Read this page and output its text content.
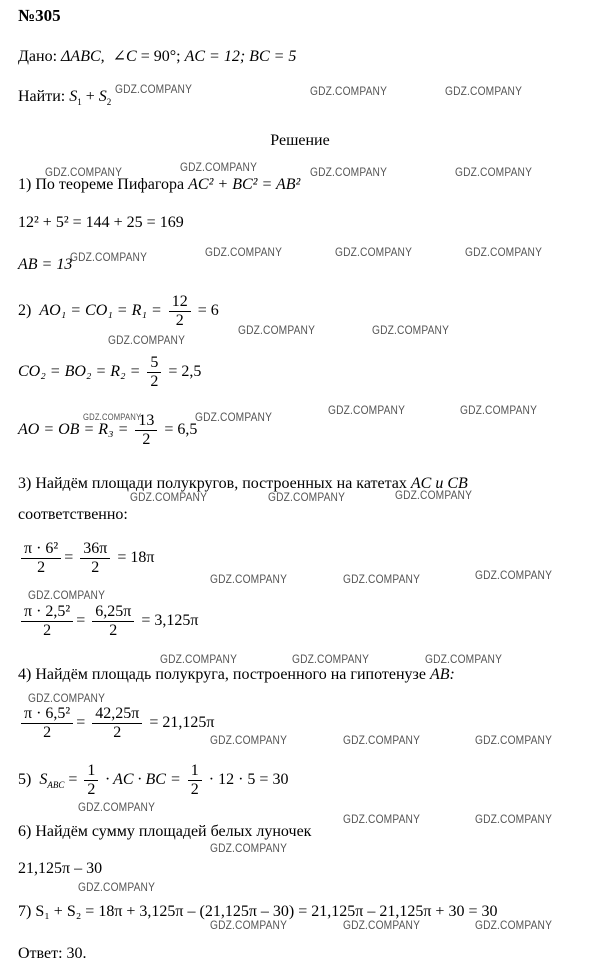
№305
Дано: ΔABC,  ∠C = 90°; AC = 12; BC = 5
Найти: $S_1 + S_2$
Решение
1) По теореме Пифагора AC² + BC² = AB²
12² + 5² = 144 + 25 = 169
AB = 13
2) $AO_1 = CO_1 = R_1 = \frac{12}{2} = 6$
$CO_2 = BO_2 = R_2 = \frac{5}{2} = 2,5$
AO = OB = $R_3 = \frac{13}{2} = 6,5$
3) Найдём площади полукругов, построенных на катетах AC и CB
соответственно:
$\frac{\text{π · 6²}}{2} = \frac{36\pi}{2} = 18\pi$
$\frac{\text{π · 2,5²}}{2} = \frac{6,25\pi}{2} = 3,125\pi$
4) Найдём площадь полукруга, построенного на гипотенузе AB:
$\frac{\text{π · 6,5²}}{2} = \frac{42,25\pi}{2} = 21,125\pi$
5) $S_{ABC} = \frac{1}{2}$ · AC · BC = $\frac{1}{2} \cdot 12 \cdot 5 = 30$
6) Найдём сумму площадей белых луночек
21,125π – 30
7) S₁ + S₂ = 18π + 3,125π – (21,125π – 30) = 21,125π – 21,125π + 30 = 30
Ответ: 30.
GDZ.COMPANY	GDZ.COMPANY	GDZ.COMPANY
GDZ.COMPANY	GDZ.COMPANY	GDZ.COMPANY	GDZ.COMPANY
GDZ.COMPANY	GDZ.COMPANY	GDZ.COMPANY	GDZ.COMPANY
GDZ.COMPANY
GDZ.COMPANY	GDZ.COMPANY
GDZ.COMPANY	GDZ.COMPANY	GDZ.COMPANY	GDZ.COMPANY
GDZ.COMPANY	GDZ.COMPANY	GDZ.COMPANY
GDZ.COMPANY	GDZ.COMPANY	GDZ.COMPANY
GDZ.COMPANY
GDZ.COMPANY	GDZ.COMPANY	GDZ.COMPANY
GDZ.COMPANY
GDZ.COMPANY	GDZ.COMPANY	GDZ.COMPANY
GDZ.COMPANY
GDZ.COMPANY	GDZ.COMPANY
GDZ.COMPANY
GDZ.COMPANY
GDZ.COMPANY	GDZ.COMPANY	GDZ.COMPANY
